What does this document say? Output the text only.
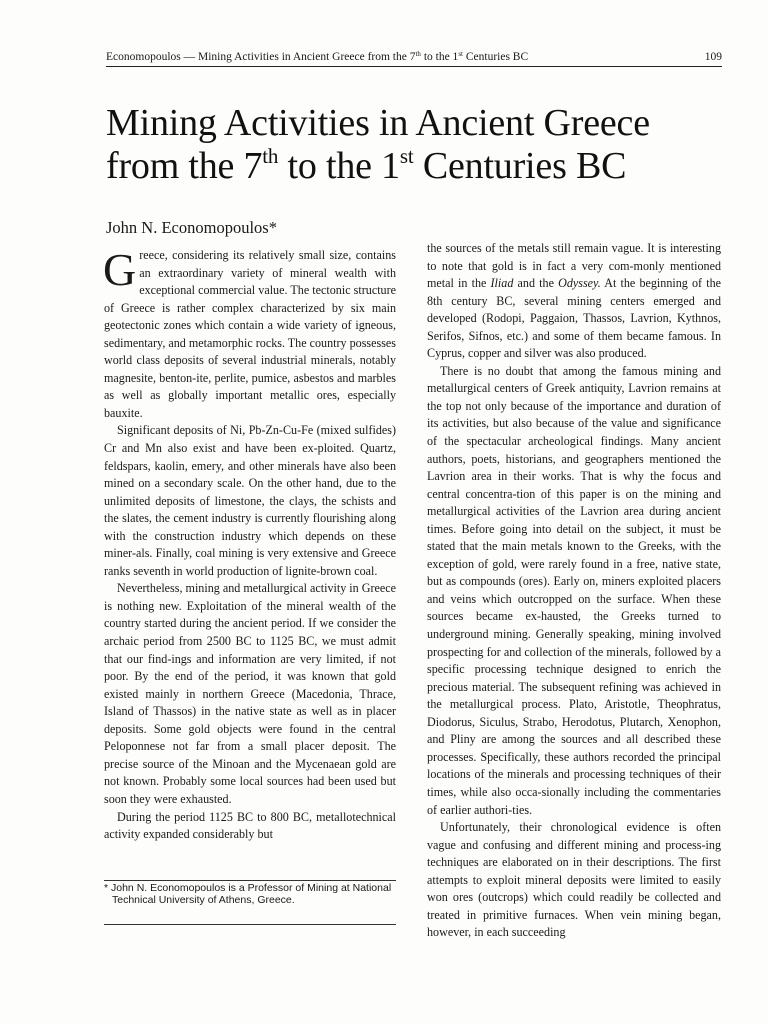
Economopoulos — Mining Activities in Ancient Greece from the 7th to the 1st Centuries BC	109
Mining Activities in Ancient Greece from the 7th to the 1st Centuries BC
John N. Economopoulos*

Greece, considering its relatively small size, contains an extraordinary variety of mineral wealth with exceptional commercial value. The tectonic structure of Greece is rather complex characterized by six main geotectonic zones which contain a wide variety of igneous, sedimentary, and metamorphic rocks. The country possesses world class deposits of several industrial minerals, notably magnesite, benton-ite, perlite, pumice, asbestos and marbles as well as globally important metallic ores, especially bauxite.

Significant deposits of Ni, Pb-Zn-Cu-Fe (mixed sulfides) Cr and Mn also exist and have been ex-ploited. Quartz, feldspars, kaolin, emery, and other minerals have also been mined on a secondary scale. On the other hand, due to the unlimited deposits of limestone, the clays, the schists and the slates, the cement industry is currently flourishing along with the construction industry which depends on these miner-als. Finally, coal mining is very extensive and Greece ranks seventh in world production of lignite-brown coal.

Nevertheless, mining and metallurgical activity in Greece is nothing new. Exploitation of the mineral wealth of the country started during the ancient period. If we consider the archaic period from 2500 BC to 1125 BC, we must admit that our find-ings and information are very limited, if not poor. By the end of the period, it was known that gold existed mainly in northern Greece (Macedonia, Thrace, Island of Thassos) in the native state as well as in placer deposits. Some gold objects were found in the central Peloponnese not far from a small placer deposit. The precise source of the Minoan and the Mycenaean gold are not known. Probably some local sources had been used but soon they were exhausted.

During the period 1125 BC to 800 BC, metallotechnical activity expanded considerably but

* John N. Economopoulos is a Professor of Mining at National Technical University of Athens, Greece.

the sources of the metals still remain vague. It is interesting to note that gold is in fact a very com-monly mentioned metal in the Iliad and the Odyssey. At the beginning of the 8th century BC, several mining centers emerged and developed (Rodopi, Paggaion, Thassos, Lavrion, Kythnos, Serifos, Sifnos, etc.) and some of them became famous. In Cyprus, copper and silver was also produced.

There is no doubt that among the famous mining and metallurgical centers of Greek antiquity, Lavrion remains at the top not only because of the importance and duration of its activities, but also because of the value and significance of the spectacular archeological findings. Many ancient authors, poets, historians, and geographers mentioned the Lavrion area in their works. That is why the focus and central concentra-tion of this paper is on the mining and metallurgical activities of the Lavrion area during ancient times. Before going into detail on the subject, it must be stated that the main metals known to the Greeks, with the exception of gold, were rarely found in a free, native state, but as compounds (ores). Early on, miners exploited placers and veins which outcropped on the surface. When these sources became ex-hausted, the Greeks turned to underground mining. Generally speaking, mining involved prospecting for and collection of the minerals, followed by a specific processing technique designed to enrich the precious material. The subsequent refining was achieved in the metallurgical process. Plato, Aristotle, Theophratus, Diodorus, Siculus, Strabo, Herodotus, Plutarch, Xenophon, and Pliny are among the sources and all described these processes. Specifically, these authors recorded the principal locations of the minerals and processing techniques of their times, while also occa-sionally including the commentaries of earlier authori-ties.

Unfortunately, their chronological evidence is often vague and confusing and different mining and process-ing techniques are elaborated on in their descriptions. The first attempts to exploit mineral deposits were limited to easily won ores (outcrops) which could readily be collected and treated in primitive furnaces. When vein mining began, however, in each succeeding
